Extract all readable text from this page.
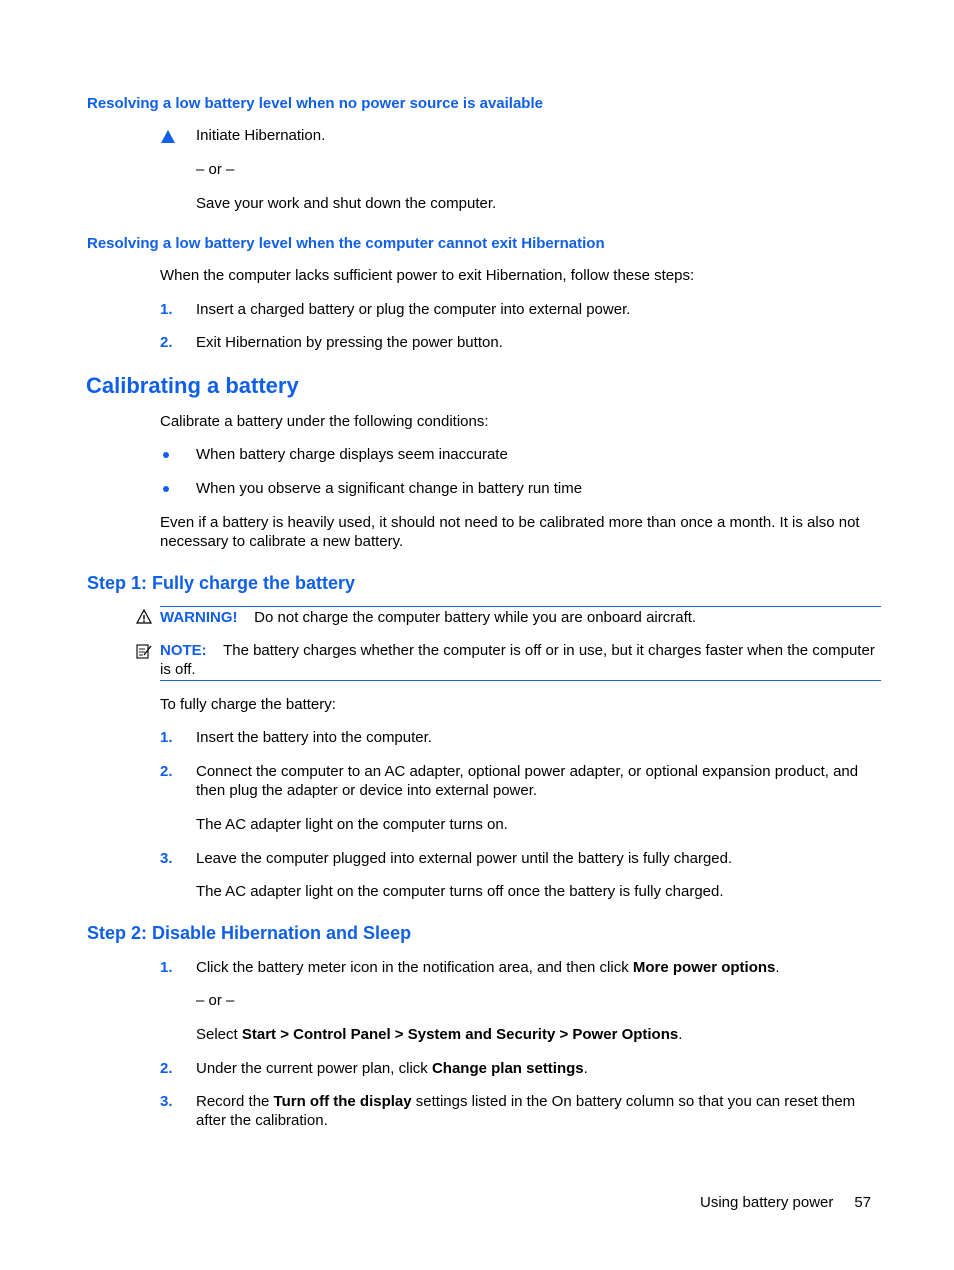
Resolving a low battery level when no power source is available
Initiate Hibernation.
– or –
Save your work and shut down the computer.
Resolving a low battery level when the computer cannot exit Hibernation
When the computer lacks sufficient power to exit Hibernation, follow these steps:
1. Insert a charged battery or plug the computer into external power.
2. Exit Hibernation by pressing the power button.
Calibrating a battery
Calibrate a battery under the following conditions:
When battery charge displays seem inaccurate
When you observe a significant change in battery run time
Even if a battery is heavily used, it should not need to be calibrated more than once a month. It is also not necessary to calibrate a new battery.
Step 1: Fully charge the battery
WARNING! Do not charge the computer battery while you are onboard aircraft.
NOTE: The battery charges whether the computer is off or in use, but it charges faster when the computer is off.
To fully charge the battery:
1. Insert the battery into the computer.
2. Connect the computer to an AC adapter, optional power adapter, or optional expansion product, and then plug the adapter or device into external power.
The AC adapter light on the computer turns on.
3. Leave the computer plugged into external power until the battery is fully charged.
The AC adapter light on the computer turns off once the battery is fully charged.
Step 2: Disable Hibernation and Sleep
1. Click the battery meter icon in the notification area, and then click More power options.
– or –
Select Start > Control Panel > System and Security > Power Options.
2. Under the current power plan, click Change plan settings.
3. Record the Turn off the display settings listed in the On battery column so that you can reset them after the calibration.
Using battery power 57
